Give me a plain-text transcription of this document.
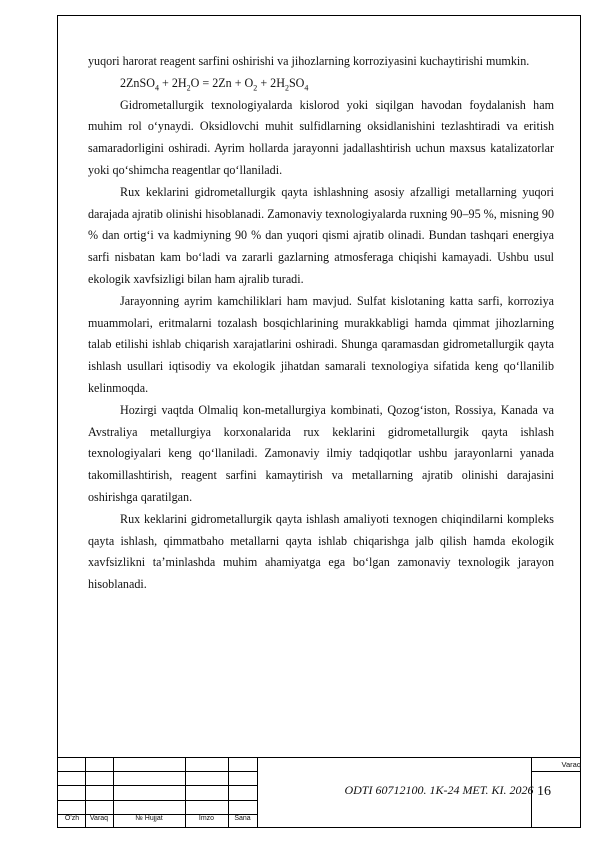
yuqori harorat reagent sarfini oshirishi va jihozlarning korroziyasini kuchaytirishi mumkin.

2ZnSO$_4$ + $2H_2O = 2Zn + O_2 + 2H_2SO_4$

Gidrometallurgik texnologiyalarda kislorod yoki siqilgan havodan foydalanish ham muhim rol o‘ynaydi. Oksidlovchi muhit sulfidlarning oksidlanishini tezlashtiradi va eritish samaradorligini oshiradi. Ayrim hollarda jarayonni jadallashtirish uchun maxsus katalizatorlar yoki qo‘shimcha reagentlar qo‘llaniladi.

Rux keklarini gidrometallurgik qayta ishlashning asosiy afzalligi metallarning yuqori darajada ajratib olinishi hisoblanadi. Zamonaviy texnologiyalarda ruxning 90–95 %, misning 90 % dan ortig‘i va kadmiyning 90 % dan yuqori qismi ajratib olinadi. Bundan tashqari energiya sarfi nisbatan kam bo‘ladi va zararli gazlarning atmosferaga chiqishi kamayadi. Ushbu usul ekologik xavfsizligi bilan ham ajralib turadi.

Jarayonning ayrim kamchiliklari ham mavjud. Sulfat kislotaning katta sarfi, korroziya muammolari, eritmalarni tozalash bosqichlarining murakkabligi hamda qimmat jihozlarning talab etilishi ishlab chiqarish xarajatlarini oshiradi. Shunga qaramasdan gidrometallurgik qayta ishlash usullari iqtisodiy va ekologik jihatdan samarali texnologiya sifatida keng qo‘llanilib kelinmoqda.

Hozirgi vaqtda Olmaliq kon-metallurgiya kombinati, Qozog‘iston, Rossiya, Kanada va Avstraliya metallurgiya korxonalarida rux keklarini gidrometallurgik qayta ishlash texnologiyalari keng qo‘llaniladi. Zamonaviy ilmiy tadqiqotlar ushbu jarayonlarni yanada takomillashtirish, reagent sarfini kamaytirish va metallarning ajratib olinishi darajasini oshirishga qaratilgan.

Rux keklarini gidrometallurgik qayta ishlash amaliyoti texnogen chiqindilarni kompleks qayta ishlash, qimmatbaho metallarni qayta ishlab chiqarishga jalb qilish hamda ekologik xavfsizlikni ta’minlashda muhim ahamiyatga ega bo‘lgan zamonaviy texnologik jarayon hisoblanadi.

O'zh	Varaq	№ Hujjat	Imzo	Sana
ODTI 60712100. 1K-24 MET. KI. 2026
Varaq
16
